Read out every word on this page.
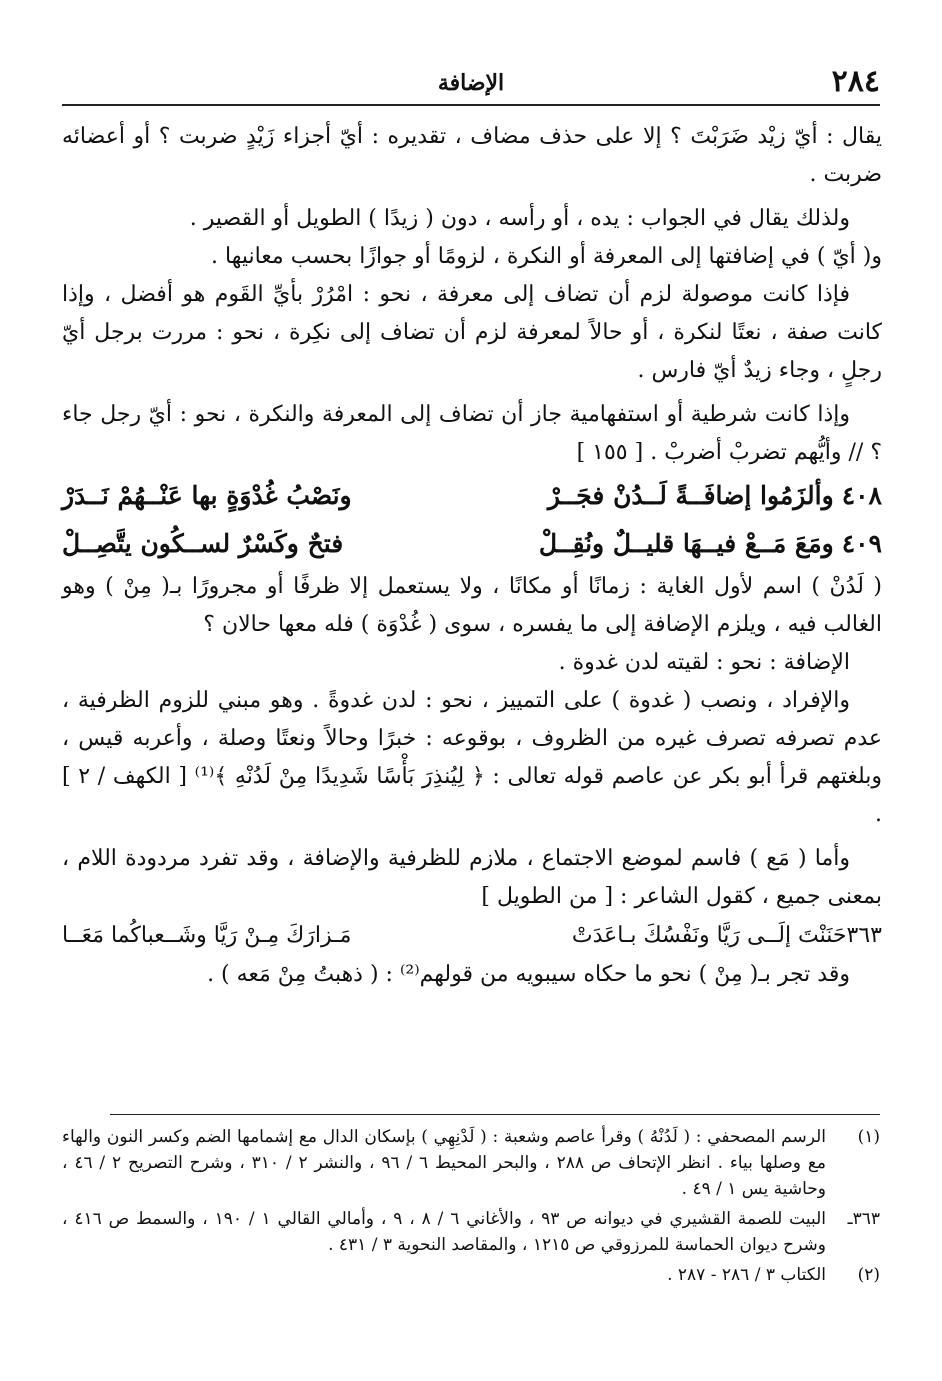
٢٨٤
الإضافة

يقال : أيّ زيْد ضَرَبْتَ ؟ إلا على حذف مضاف ، تقديره : أيّ أجزاء زَيْدٍ ضربت ؟ أو أعضائه ضربت .

ولذلك يقال في الجواب : يده ، أو رأسه ، دون ( زيدًا ) الطويل أو القصير .

و( أيّ ) في إضافتها إلى المعرفة أو النكرة ، لزومًا أو جوازًا بحسب معانيها .

فإذا كانت موصولة لزم أن تضاف إلى معرفة ، نحو : امْرُرْ بأيِّ القَوم هو أفضل ، وإذا كانت صفة ، نعتًا لنكرة ، أو حالاً لمعرفة لزم أن تضاف إلى نكِرة ، نحو : مررت برجل أيّ رجلٍ ، وجاء زيدٌ أيّ فارس .

وإذا كانت شرطية أو استفهامية جاز أن تضاف إلى المعرفة والنكرة ، نحو : أيّ رجل جاء ؟ // وأيُّهم تضربْ أضربْ . [ ١٥٥ ]

٤٠٨
وألزَمُوا إضافَــةً لَــدُنْ فجَــرْ
ونَصْبُ غُدْوَةٍ بها عَنْــهُمْ نَــدَرْ
٤٠٩
ومَعَ مَــعْ فيــهَا قليــلٌ ونُقِــلْ
فتحٌ وكَسْرٌ لســكُون يتَّصِــلْ

( لَدُنْ ) اسم لأول الغاية : زمانًا أو مكانًا ، ولا يستعمل إلا ظرفًا أو مجرورًا بـ( مِنْ ) وهو الغالب فيه ، ويلزم الإضافة إلى ما يفسره ، سوى ( غُدْوَة ) فله معها حالان ؟

الإضافة : نحو : لقيته لدن غدوة .

والإفراد ، ونصب ( غدوة ) على التمييز ، نحو : لدن غدوةً . وهو مبني للزوم الظرفية ، عدم تصرفه تصرف غيره من الظروف ، بوقوعه : خبرًا وحالاً ونعتًا وصلة ، وأعربه قيس ، وبلغتهم قرأ أبو بكر عن عاصم قوله تعالى : ﴿ لِيُنذِرَ بَأْسًا شَدِيدًا مِنْ لَدُنْهِ ﴾⁽¹⁾ [ الكهف / ٢ ] .

وأما ( مَع ) فاسم لموضع الاجتماع ، ملازم للظرفية والإضافة ، وقد تفرد مردودة اللام ، بمعنى جميع ، كقول الشاعر : [ من الطويل ]

٣٦٣
حَنَنْتَ إلَــى رَيَّا ونَفْسُكَ بـاعَدَتْ
مَـزارَكَ مِـنْ رَيَّا وشَــعباكُما مَعَــا

وقد تجر بـ( مِنْ ) نحو ما حكاه سيبويه من قولهم⁽²⁾ : ( ذهبتُ مِنْ مَعه ) .

(١)
الرسم المصحفي : ( لَدُنْهُ ) وقرأ عاصم وشعبة : ( لَدْنِهِي ) بإسكان الدال مع إشمامها الضم وكسر النون والهاء مع وصلها بياء . انظر الإتحاف ص ٢٨٨ ، والبحر المحيط ٦ / ٩٦ ، والنشر ٢ / ٣١٠ ، وشرح التصريح ٢ / ٤٦ ، وحاشية يس ١ / ٤٩ .
٣٦٣ـ
البيت للصمة القشيري في ديوانه ص ٩٣ ، والأغاني ٦ / ٨ ، ٩ ، وأمالي القالي ١ / ١٩٠ ، والسمط ص ٤١٦ ، وشرح ديوان الحماسة للمرزوقي ص ١٢١٥ ، والمقاصد النحوية ٣ / ٤٣١ .
(٢)
الكتاب ٣ / ٢٨٦ - ٢٨٧ .
